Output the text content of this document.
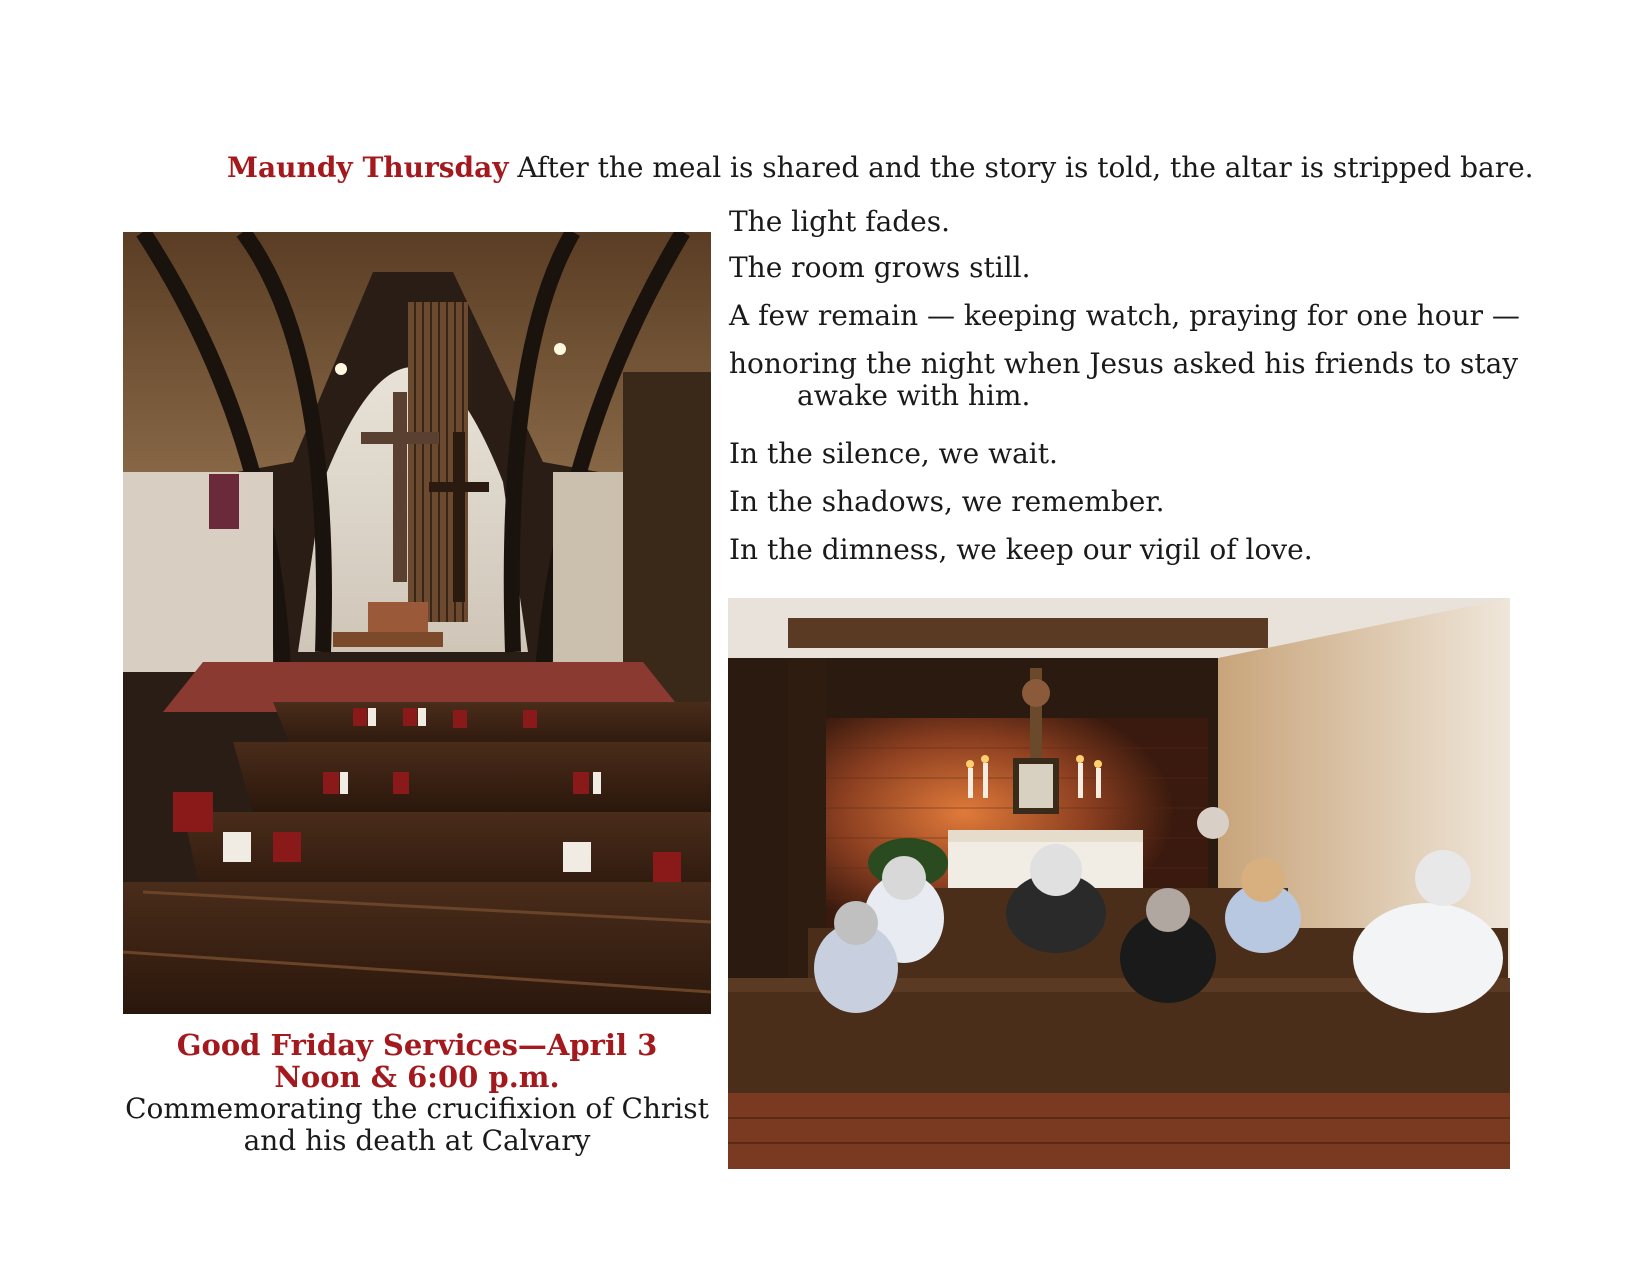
Maundy Thursday After the meal is shared and the story is told, the altar is stripped bare.
The light fades.
The room grows still.
A few remain — keeping watch, praying for one hour —
honoring the night when Jesus asked his friends to stay
awake with him.
In the silence, we wait.
In the shadows, we remember.
In the dimness, we keep our vigil of love.
Good Friday Services—April 3
Noon & 6:00 p.m.
Commemorating the crucifixion of Christ
and his death at Calvary
